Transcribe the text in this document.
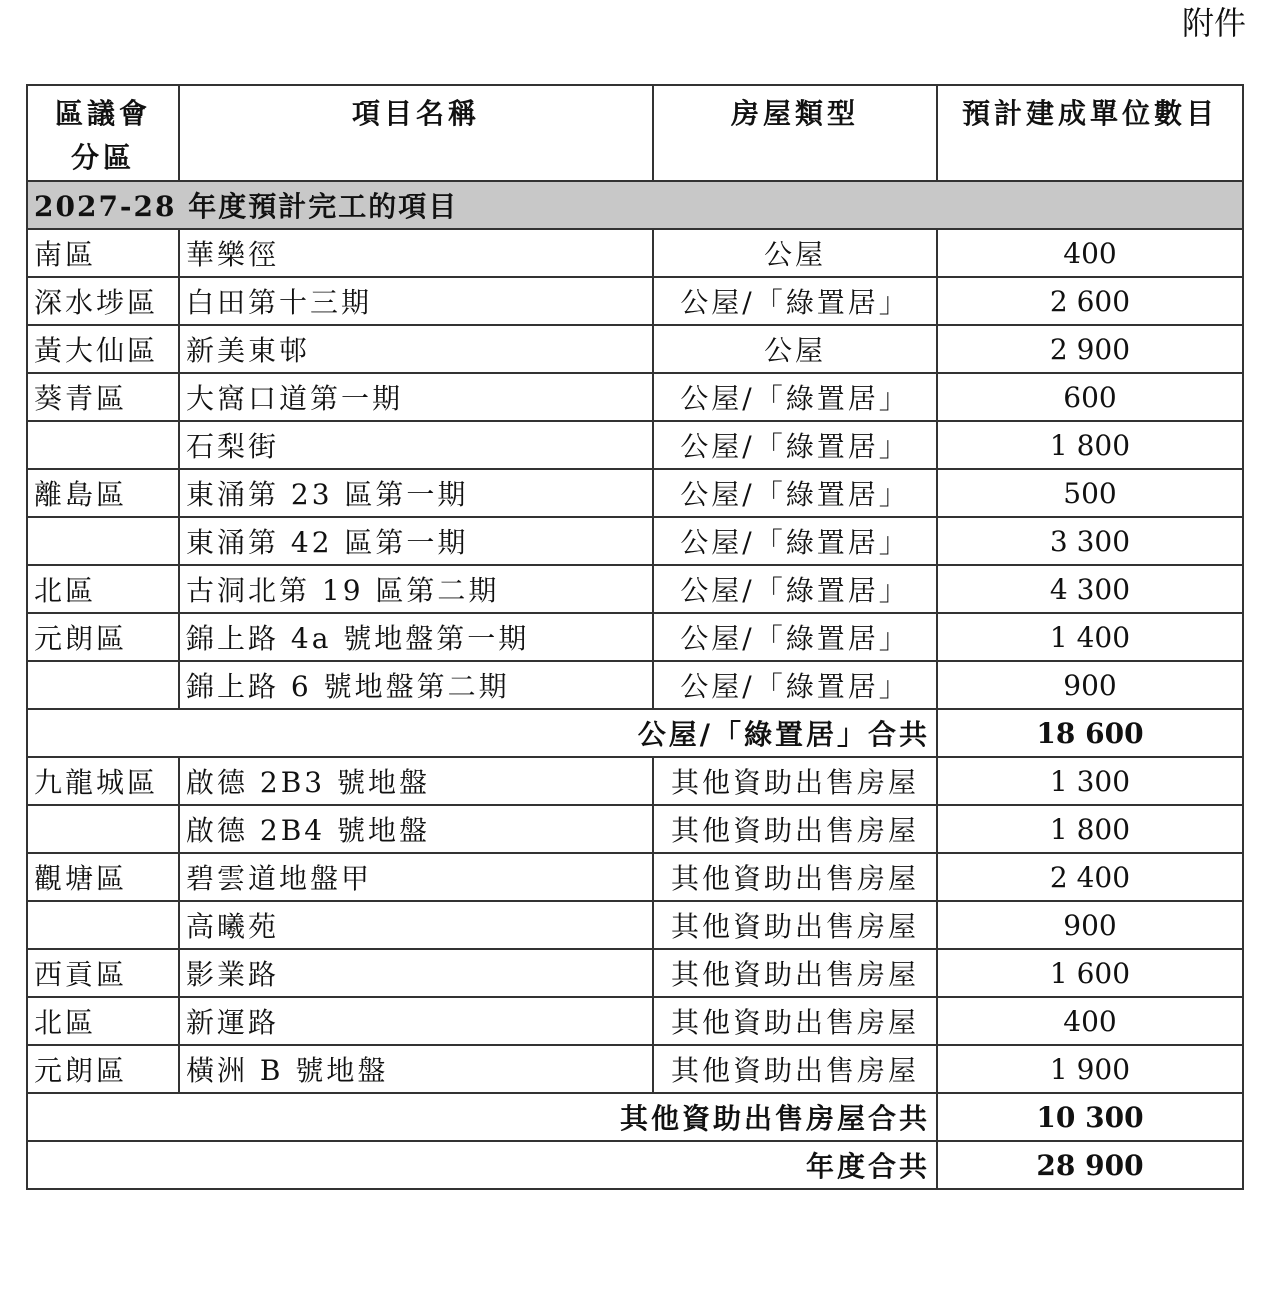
附件
區議會
分區	項目名稱	房屋類型	預計建成單位數目
2027-28 年度預計完工的項目			
南區	華樂徑	公屋	400
深水埗區	白田第十三期	公屋/「綠置居」	2 600
黃大仙區	新美東邨	公屋	2 900
葵青區	大窩口道第一期	公屋/「綠置居」	600
	石梨街	公屋/「綠置居」	1 800
離島區	東涌第 23 區第一期	公屋/「綠置居」	500
	東涌第 42 區第一期	公屋/「綠置居」	3 300
北區	古洞北第 19 區第二期	公屋/「綠置居」	4 300
元朗區	錦上路 4a 號地盤第一期	公屋/「綠置居」	1 400
	錦上路 6 號地盤第二期	公屋/「綠置居」	900
公屋/「綠置居」合共			18 600
九龍城區	啟德 2B3 號地盤	其他資助出售房屋	1 300
	啟德 2B4 號地盤	其他資助出售房屋	1 800
觀塘區	碧雲道地盤甲	其他資助出售房屋	2 400
	高曦苑	其他資助出售房屋	900
西貢區	影業路	其他資助出售房屋	1 600
北區	新運路	其他資助出售房屋	400
元朗區	橫洲 B 號地盤	其他資助出售房屋	1 900
其他資助出售房屋合共			10 300
年度合共			28 900
